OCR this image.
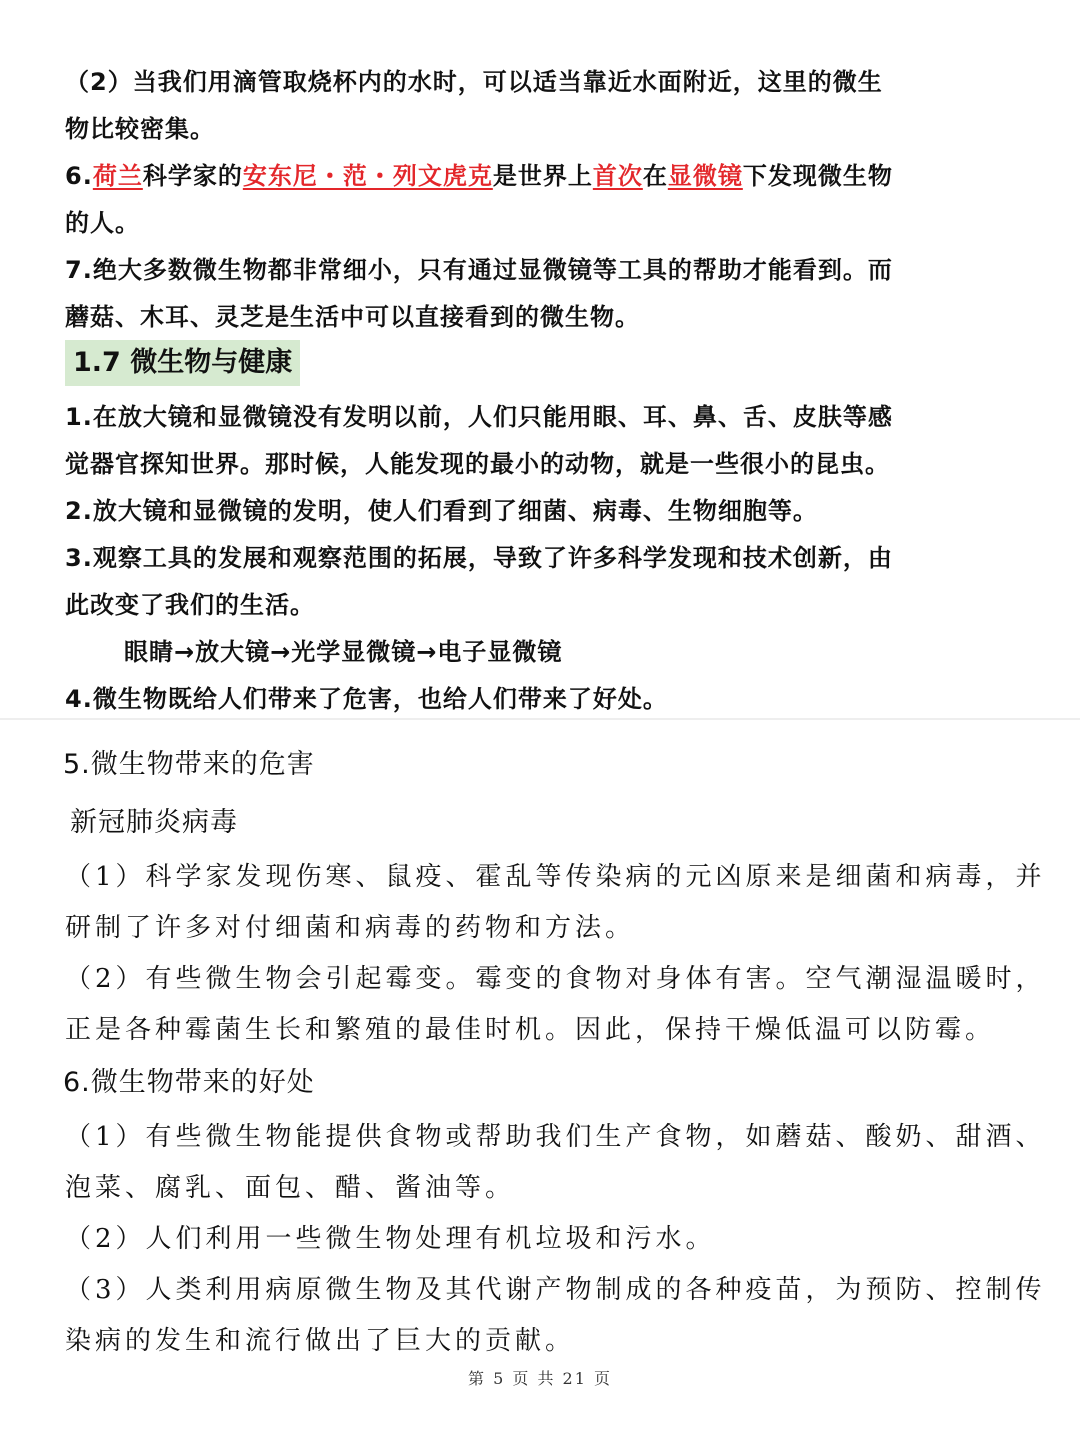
（2）当我们用滴管取烧杯内的水时，可以适当靠近水面附近，这里的微生
物比较密集。
6.荷兰科学家的安东尼・范・列文虎克是世界上首次在显微镜下发现微生物
的人。
7.绝大多数微生物都非常细小，只有通过显微镜等工具的帮助才能看到。而
蘑菇、木耳、灵芝是生活中可以直接看到的微生物。
1.7 微生物与健康
1.在放大镜和显微镜没有发明以前，人们只能用眼、耳、鼻、舌、皮肤等感
觉器官探知世界。那时候，人能发现的最小的动物，就是一些很小的昆虫。
2.放大镜和显微镜的发明，使人们看到了细菌、病毒、生物细胞等。
3.观察工具的发展和观察范围的拓展，导致了许多科学发现和技术创新，由
此改变了我们的生活。
眼睛→放大镜→光学显微镜→电子显微镜
4.微生物既给人们带来了危害，也给人们带来了好处。
5.微生物带来的危害
新冠肺炎病毒
（1）科学家发现伤寒、鼠疫、霍乱等传染病的元凶原来是细菌和病毒，并
研制了许多对付细菌和病毒的药物和方法。
（2）有些微生物会引起霉变。霉变的食物对身体有害。空气潮湿温暖时，
正是各种霉菌生长和繁殖的最佳时机。因此，保持干燥低温可以防霉。
6.微生物带来的好处
（1）有些微生物能提供食物或帮助我们生产食物，如蘑菇、酸奶、甜酒、
泡菜、腐乳、面包、醋、酱油等。
（2）人们利用一些微生物处理有机垃圾和污水。
（3）人类利用病原微生物及其代谢产物制成的各种疫苗，为预防、控制传
染病的发生和流行做出了巨大的贡献。
第 5 页 共 21 页
